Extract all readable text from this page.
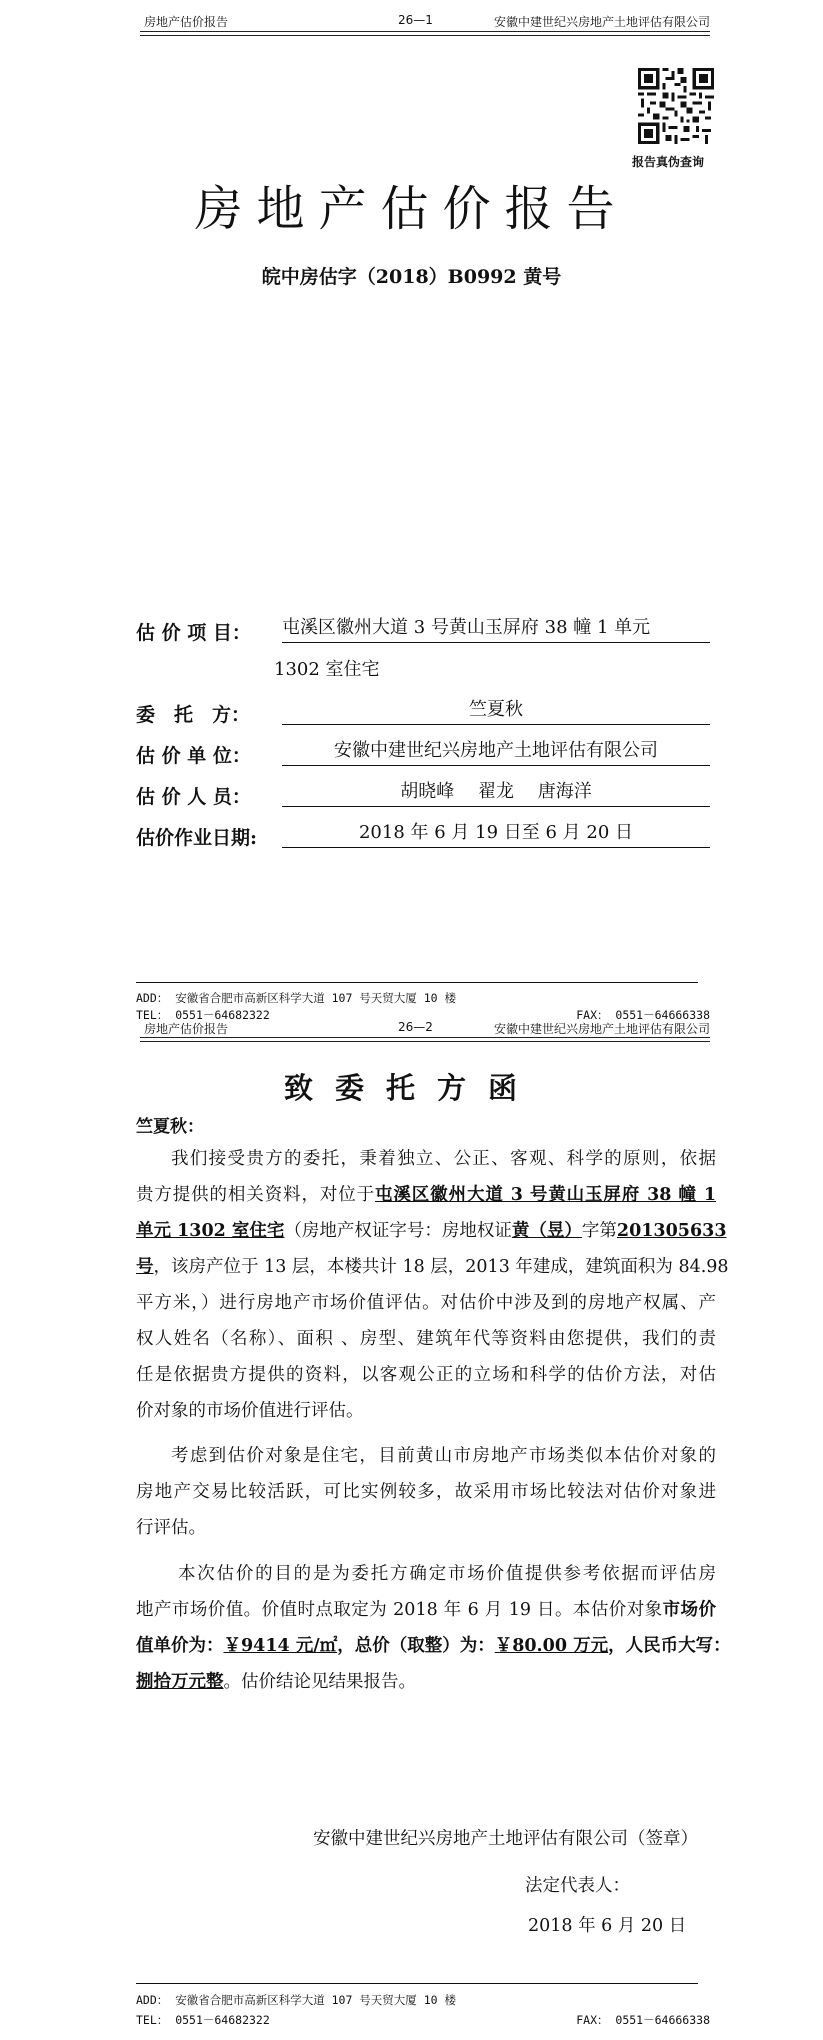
房地产估价报告	26—1	安徽中建世纪兴房地产土地评估有限公司
报告真伪查询
房地产估价报告
皖中房估字（2018）B0992 黄号
估 价 项 目： 屯溪区徽州大道 3 号黄山玉屏府 38 幢 1 单元
1302 室住宅
委　托　方：	竺夏秋
估 价 单 位：	安徽中建世纪兴房地产土地评估有限公司
估 价 人 员：	胡晓峰　 翟龙　 唐海洋
估价作业日期:	2018 年 6 月 19 日至 6 月 20 日
ADD： 安徽省合肥市高新区科学大道 107 号天贸大厦 10 楼
TEL： 0551－64682322	FAX： 0551－64666338
房地产估价报告	26—2	安徽中建世纪兴房地产土地评估有限公司
致委托方函
竺夏秋：
我们接受贵方的委托，秉着独立、公正、客观、科学的原则，依据
贵方提供的相关资料，对位于屯溪区徽州大道 3 号黄山玉屏府 38 幢 1
单元 1302 室住宅（房地产权证字号：房地权证黄（昱）字第201305633
号，该房产位于 13 层，本楼共计 18 层，2013 年建成，建筑面积为 84.98
平方米，）进行房地产市场价值评估。对估价中涉及到的房地产权属、产
权人姓名（名称）、面积 、房型、建筑年代等资料由您提供，我们的责
任是依据贵方提供的资料，以客观公正的立场和科学的估价方法，对估
价对象的市场价值进行评估。
考虑到估价对象是住宅，目前黄山市房地产市场类似本估价对象的
房地产交易比较活跃，可比实例较多，故采用市场比较法对估价对象进
行评估。
本次估价的目的是为委托方确定市场价值提供参考依据而评估房
地产市场价值。价值时点取定为 2018 年 6 月 19 日。本估价对象市场价
值单价为：￥9414 元/㎡，总价（取整）为：￥80.00 万元，人民币大写：
捌拾万元整。估价结论见结果报告。
安徽中建世纪兴房地产土地评估有限公司（签章）
法定代表人：
2018 年 6 月 20 日
ADD： 安徽省合肥市高新区科学大道 107 号天贸大厦 10 楼
TEL： 0551－64682322	FAX： 0551－64666338
